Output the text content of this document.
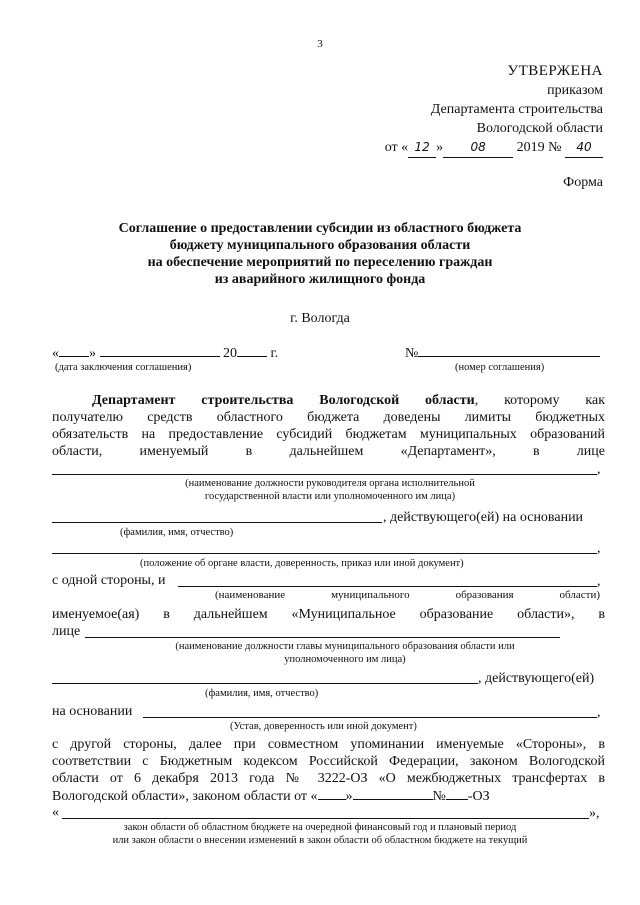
3
УТВЕРЖЕНА
приказом
Департамента строительства
Вологодской области
от « 12 » 08 2019 № 40
Форма
Соглашение о предоставлении субсидии из областного бюджета
бюджету муниципального образования области
на обеспечение мероприятий по переселению граждан
из аварийного жилищного фонда
г. Вологда
« »	20 г.	№
(дата заключения соглашения)	(номер соглашения)
Департамент строительства Вологодской области, которому как
получателю средств областного бюджета доведены лимиты бюджетных
обязательств на предоставление субсидий бюджетам муниципальных образований
области, именуемый в дальнейшем «Департамент», в лице
,
(наименование должности руководителя органа исполнительной
государственной власти или уполномоченного им лица)
, действующего(ей) на основании
(фамилия, имя, отчество)
,
(положение об органе власти, доверенность, приказ или иной документ)
с одной стороны, и	,
(наименование муниципального образования области)
именуемое(ая) в дальнейшем «Муниципальное образование области», в
лице
(наименование должности главы муниципального образования области или
уполномоченного им лица)
, действующего(ей)
(фамилия, имя, отчество)
на основании	,
(Устав, доверенность или иной документ)
с другой стороны, далее при совместном упоминании именуемые «Стороны», в
соответствии с Бюджетным кодексом Российской Федерации, законом Вологодской
области от 6 декабря 2013 года № 3222-ОЗ «О межбюджетных трансфертах в
Вологодской области», законом области от « »	№ -ОЗ
«	»,
закон области об областном бюджете на очередной финансовый год и плановый период
или закон области о внесении изменений в закон области об областном бюджете на текущий
